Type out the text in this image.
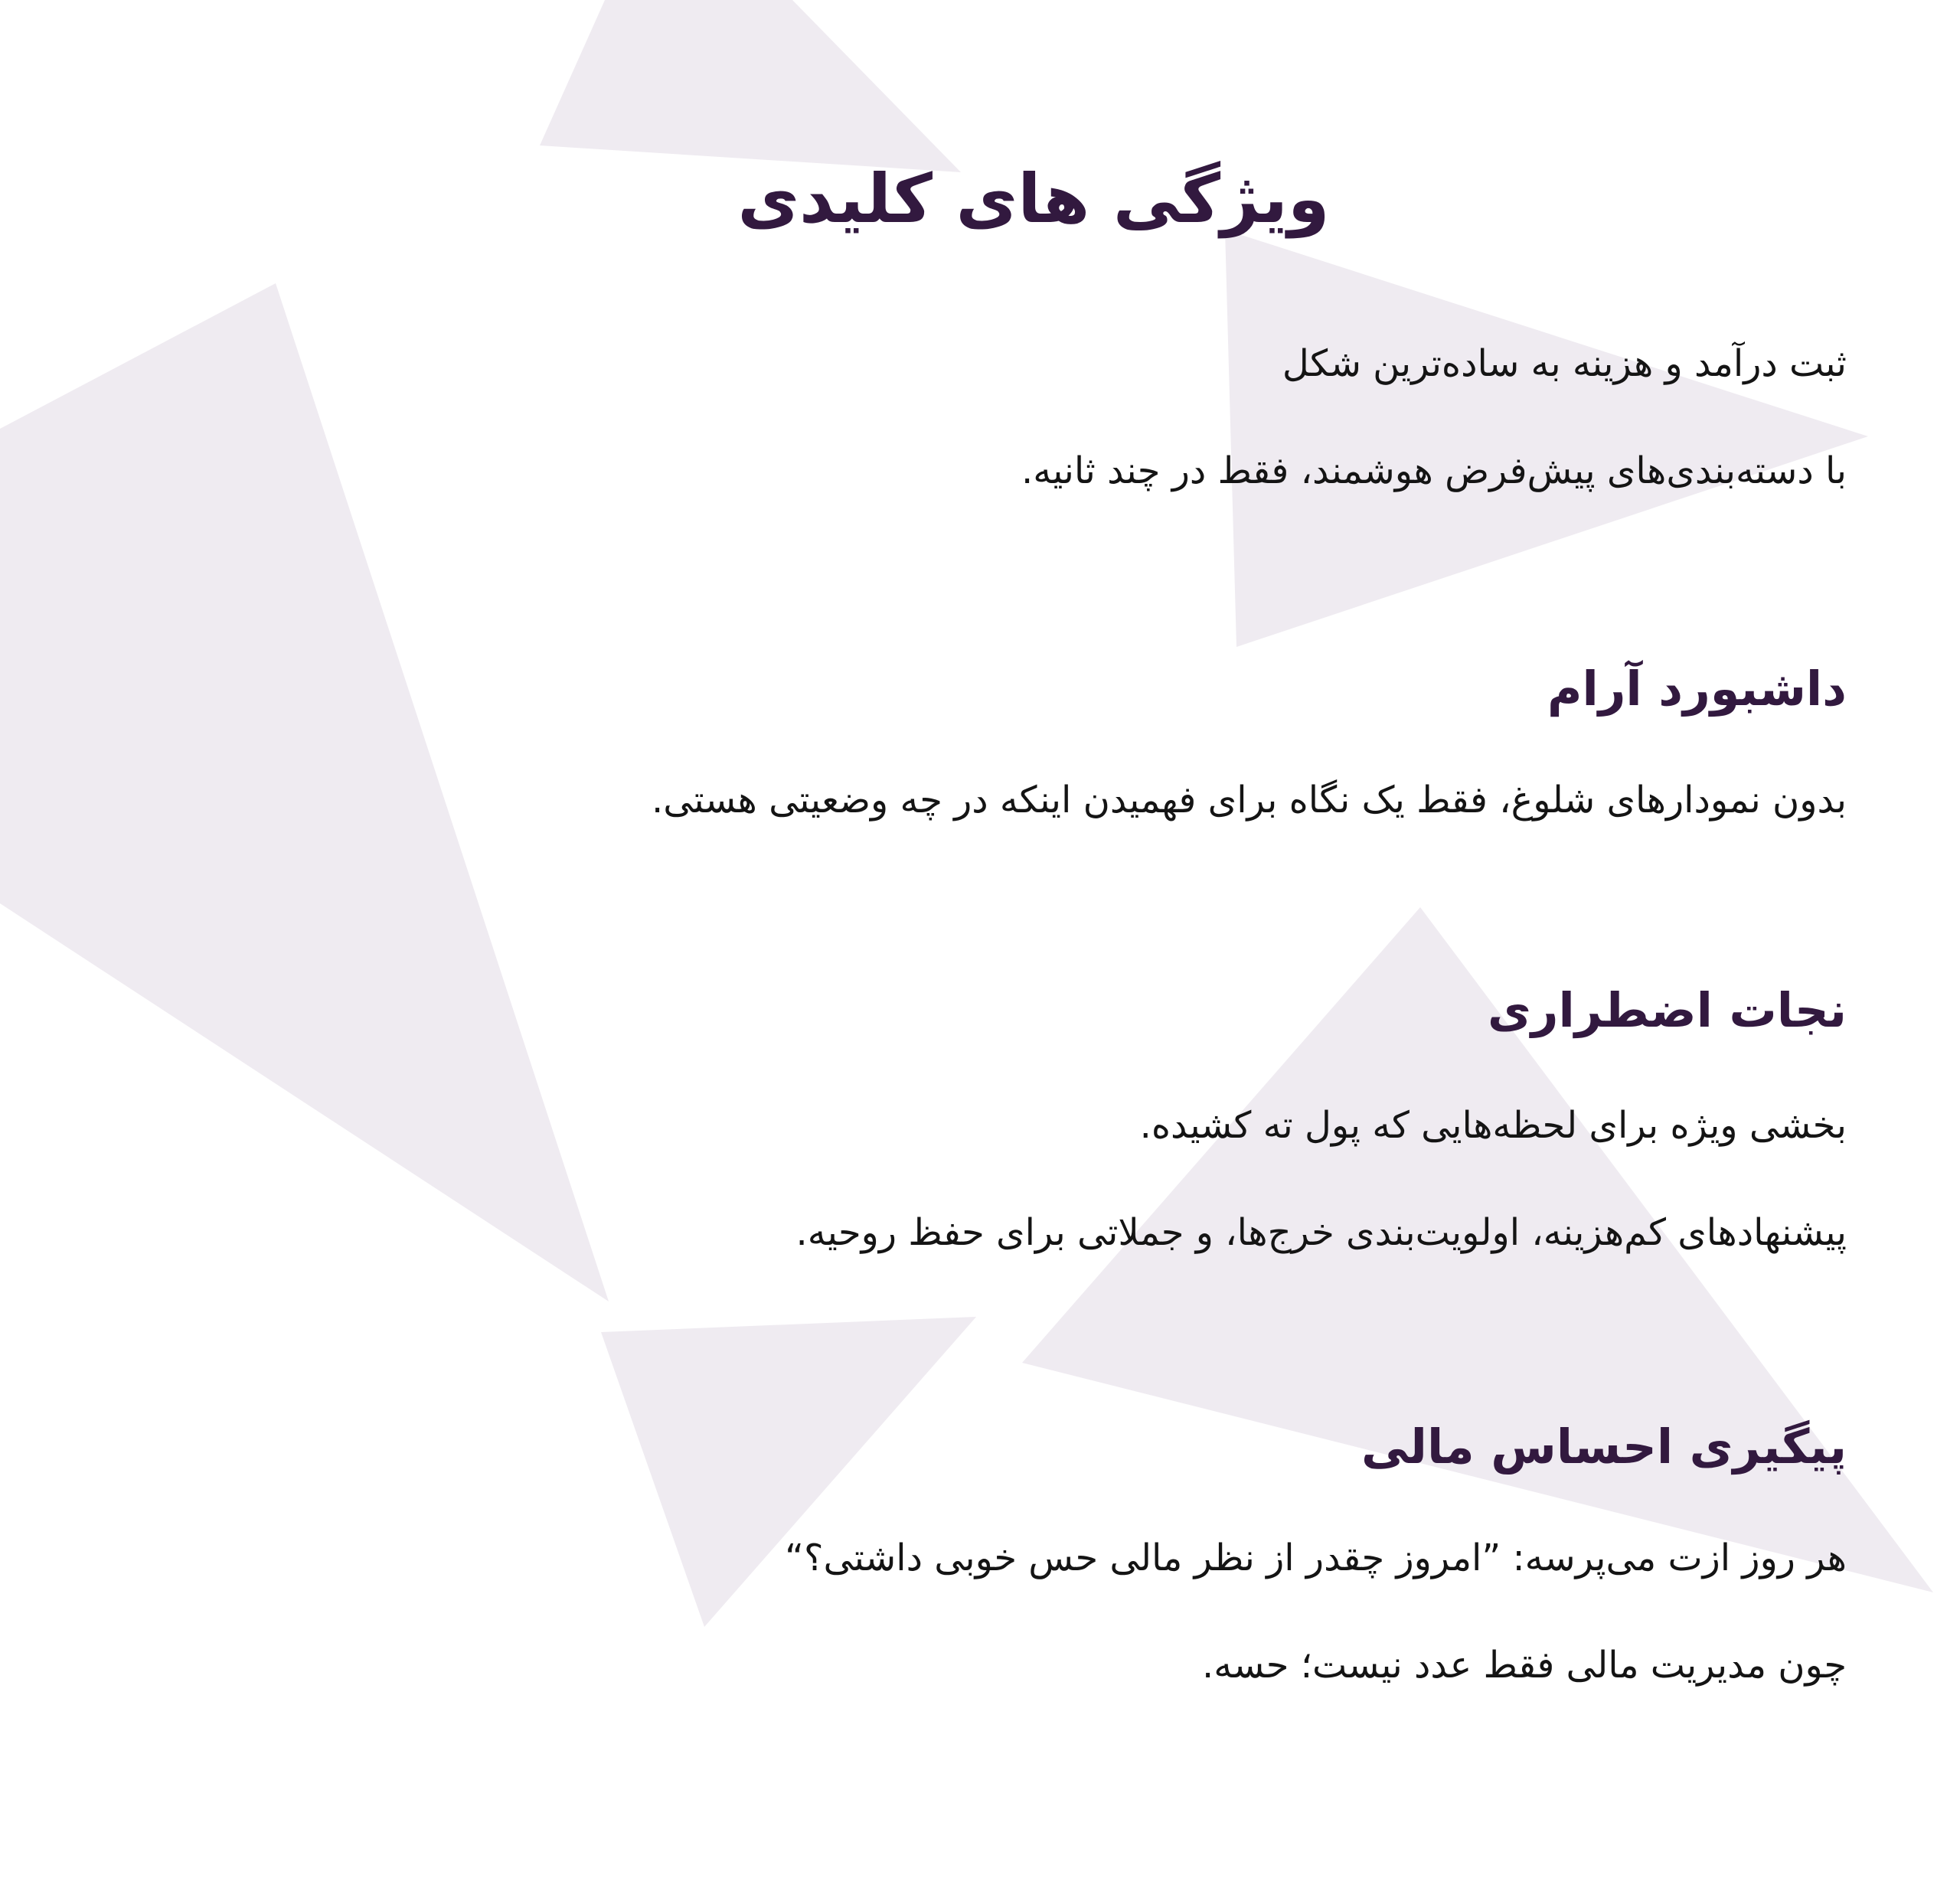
ویژگی های کلیدی

ثبت درآمد و هزینه به ساده‌ترین شکل

با دسته‌بندی‌های پیش‌فرض هوشمند، فقط در چند ثانیه.

داشبورد آرام

بدون نمودارهای شلوغ، فقط یک نگاه برای فهمیدن اینکه در چه وضعیتی هستی.

نجات اضطراری

بخشی ویژه برای لحظه‌هایی که پول ته کشیده.

پیشنهادهای کم‌هزینه، اولویت‌بندی خرج‌ها، و جملاتی برای حفظ روحیه.

پیگیری احساس مالی

هر روز ازت می‌پرسه: ”امروز چقدر از نظر مالی حس خوبی داشتی؟“

چون مدیریت مالی فقط عدد نیست؛ حسه.
